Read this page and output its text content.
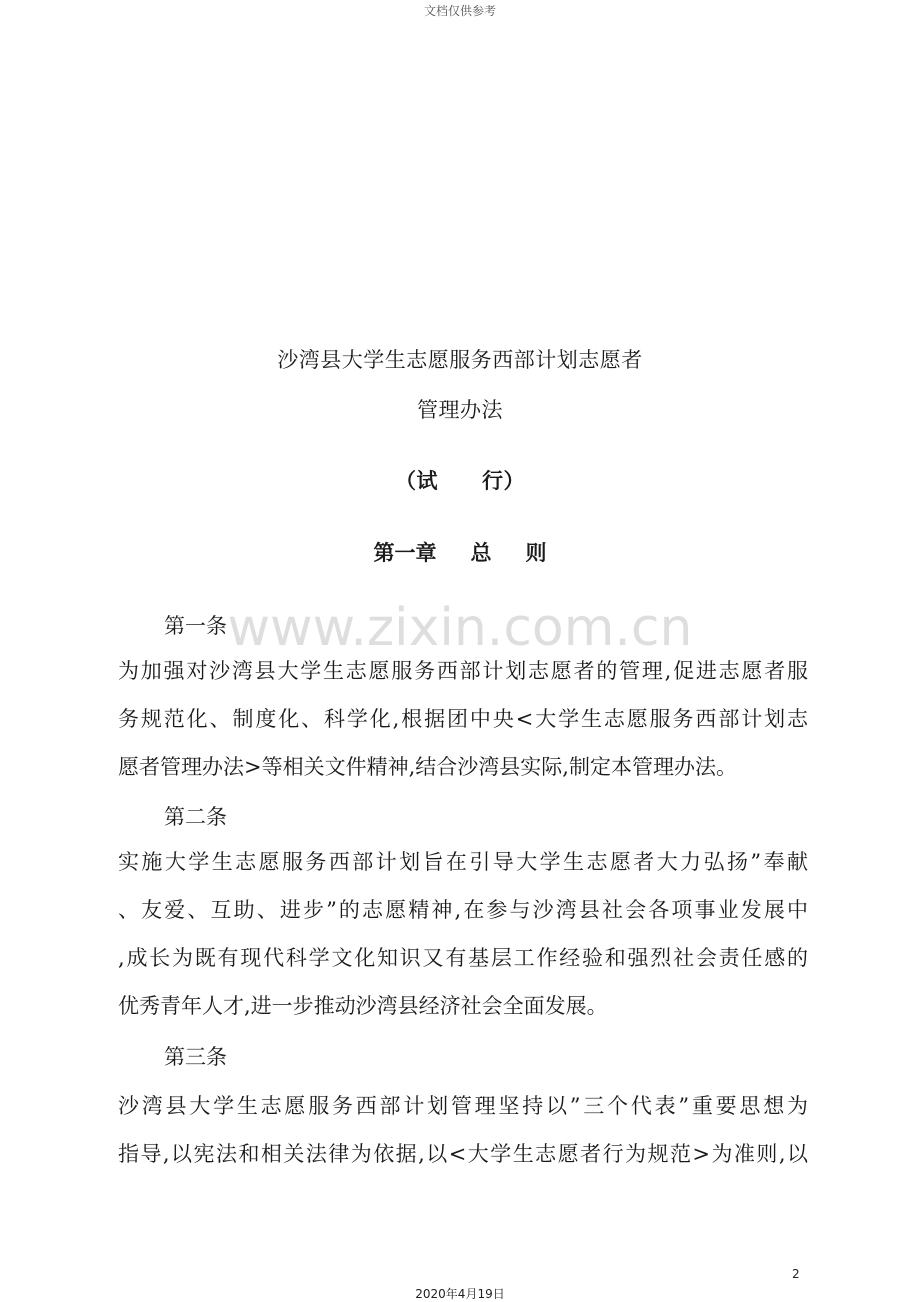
文档仅供参考
沙湾县大学生志愿服务西部计划志愿者
管理办法
（试 行）
第一章 总 则
www.zixin.com.cn
第一条

为加强对沙湾县大学生志愿服务西部计划志愿者的管理,促进志愿者服
务规范化、制度化、科学化,根据团中央<大学生志愿服务西部计划志
愿者管理办法>等相关文件精神,结合沙湾县实际,制定本管理办法。

第二条

实施大学生志愿服务西部计划旨在引导大学生志愿者大力弘扬”奉献
、友爱、互助、进步”的志愿精神,在参与沙湾县社会各项事业发展中
,成长为既有现代科学文化知识又有基层工作经验和强烈社会责任感的
优秀青年人才,进一步推动沙湾县经济社会全面发展。

第三条

沙湾县大学生志愿服务西部计划管理坚持以”三个代表”重要思想为
指导,以宪法和相关法律为依据,以<大学生志愿者行为规范>为准则,以

2
2020年4月19日
